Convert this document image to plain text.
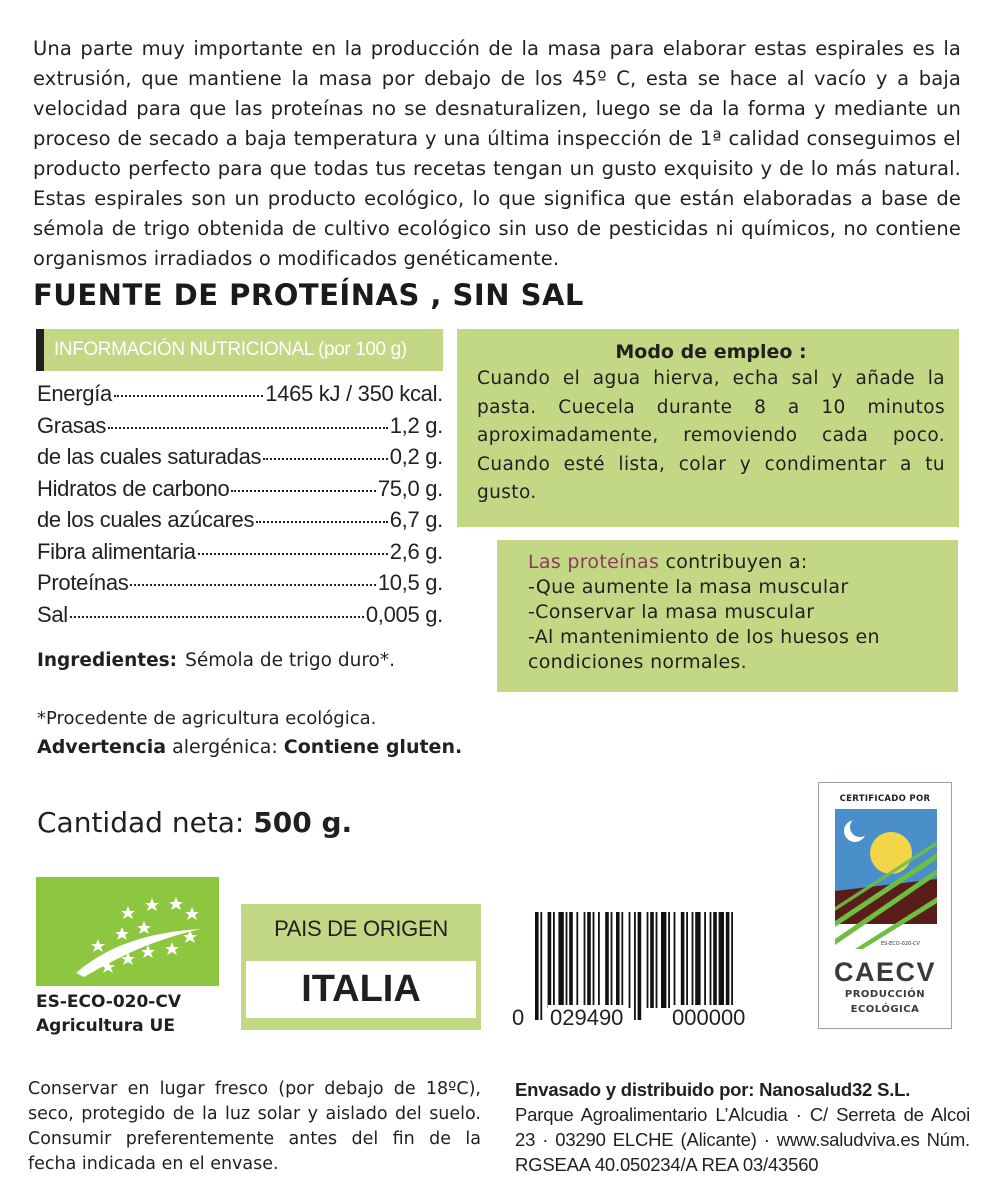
Una parte muy importante en la producción de la masa para elaborar estas espirales es la extrusión, que mantiene la masa por debajo de los 45º C, esta se hace al vacío y a baja velocidad para que las proteínas no se desnaturalizen, luego se da la forma y mediante un proceso de secado a baja temperatura y una última inspección de 1ª calidad conseguimos el producto perfecto para que todas tus recetas tengan un gusto exquisito y de lo más natural. Estas espirales son un producto ecológico, lo que significa que están elaboradas a base de sémola de trigo obtenida de cultivo ecológico sin uso de pesticidas ni químicos, no contiene organismos irradiados o modificados genéticamente.

FUENTE DE PROTEÍNAS , SIN SAL
INFORMACIÓN NUTRICIONAL (por 100 g)
Energía	1465 kJ / 350 kcal.
Grasas	1,2 g.
de las cuales saturadas	0,2 g.
Hidratos de carbono	75,0 g.
de los cuales azúcares	6,7 g.
Fibra alimentaria	2,6 g.
Proteínas	10,5 g.
Sal	0,005 g.
Ingredientes: Sémola de trigo duro*.
*Procedente de agricultura ecológica.
Advertencia alergénica: Contiene gluten.
Modo de empleo :
Cuando el agua hierva, echa sal y añade la pasta. Cuecela durante 8 a 10 minutos aproximadamente, removiendo cada poco. Cuando esté lista, colar y condimentar a tu gusto.
Las proteínas contribuyen a:
-Que aumente la masa muscular
-Conservar la masa muscular
-Al mantenimiento de los huesos en condiciones normales.
Cantidad neta: 500 g.
ES-ECO-020-CV
Agricultura UE
PAIS DE ORIGEN
ITALIA
0 029490 000000
CERTIFICADO POR
ES-ECO-020-CV
CAECV
PRODUCCIÓN
ECOLÓGICA

Conservar en lugar fresco (por debajo de 18ºC), seco, protegido de la luz solar y aislado del suelo. Consumir preferentemente antes del fin de la fecha indicada en el envase.

Envasado y distribuido por: Nanosalud32 S.L.
Parque Agroalimentario L’Alcudia · C/ Serreta de Alcoi 23 · 03290 ELCHE (Alicante) · www.saludviva.es Núm. RGSEAA 40.050234/A REA 03/43560
